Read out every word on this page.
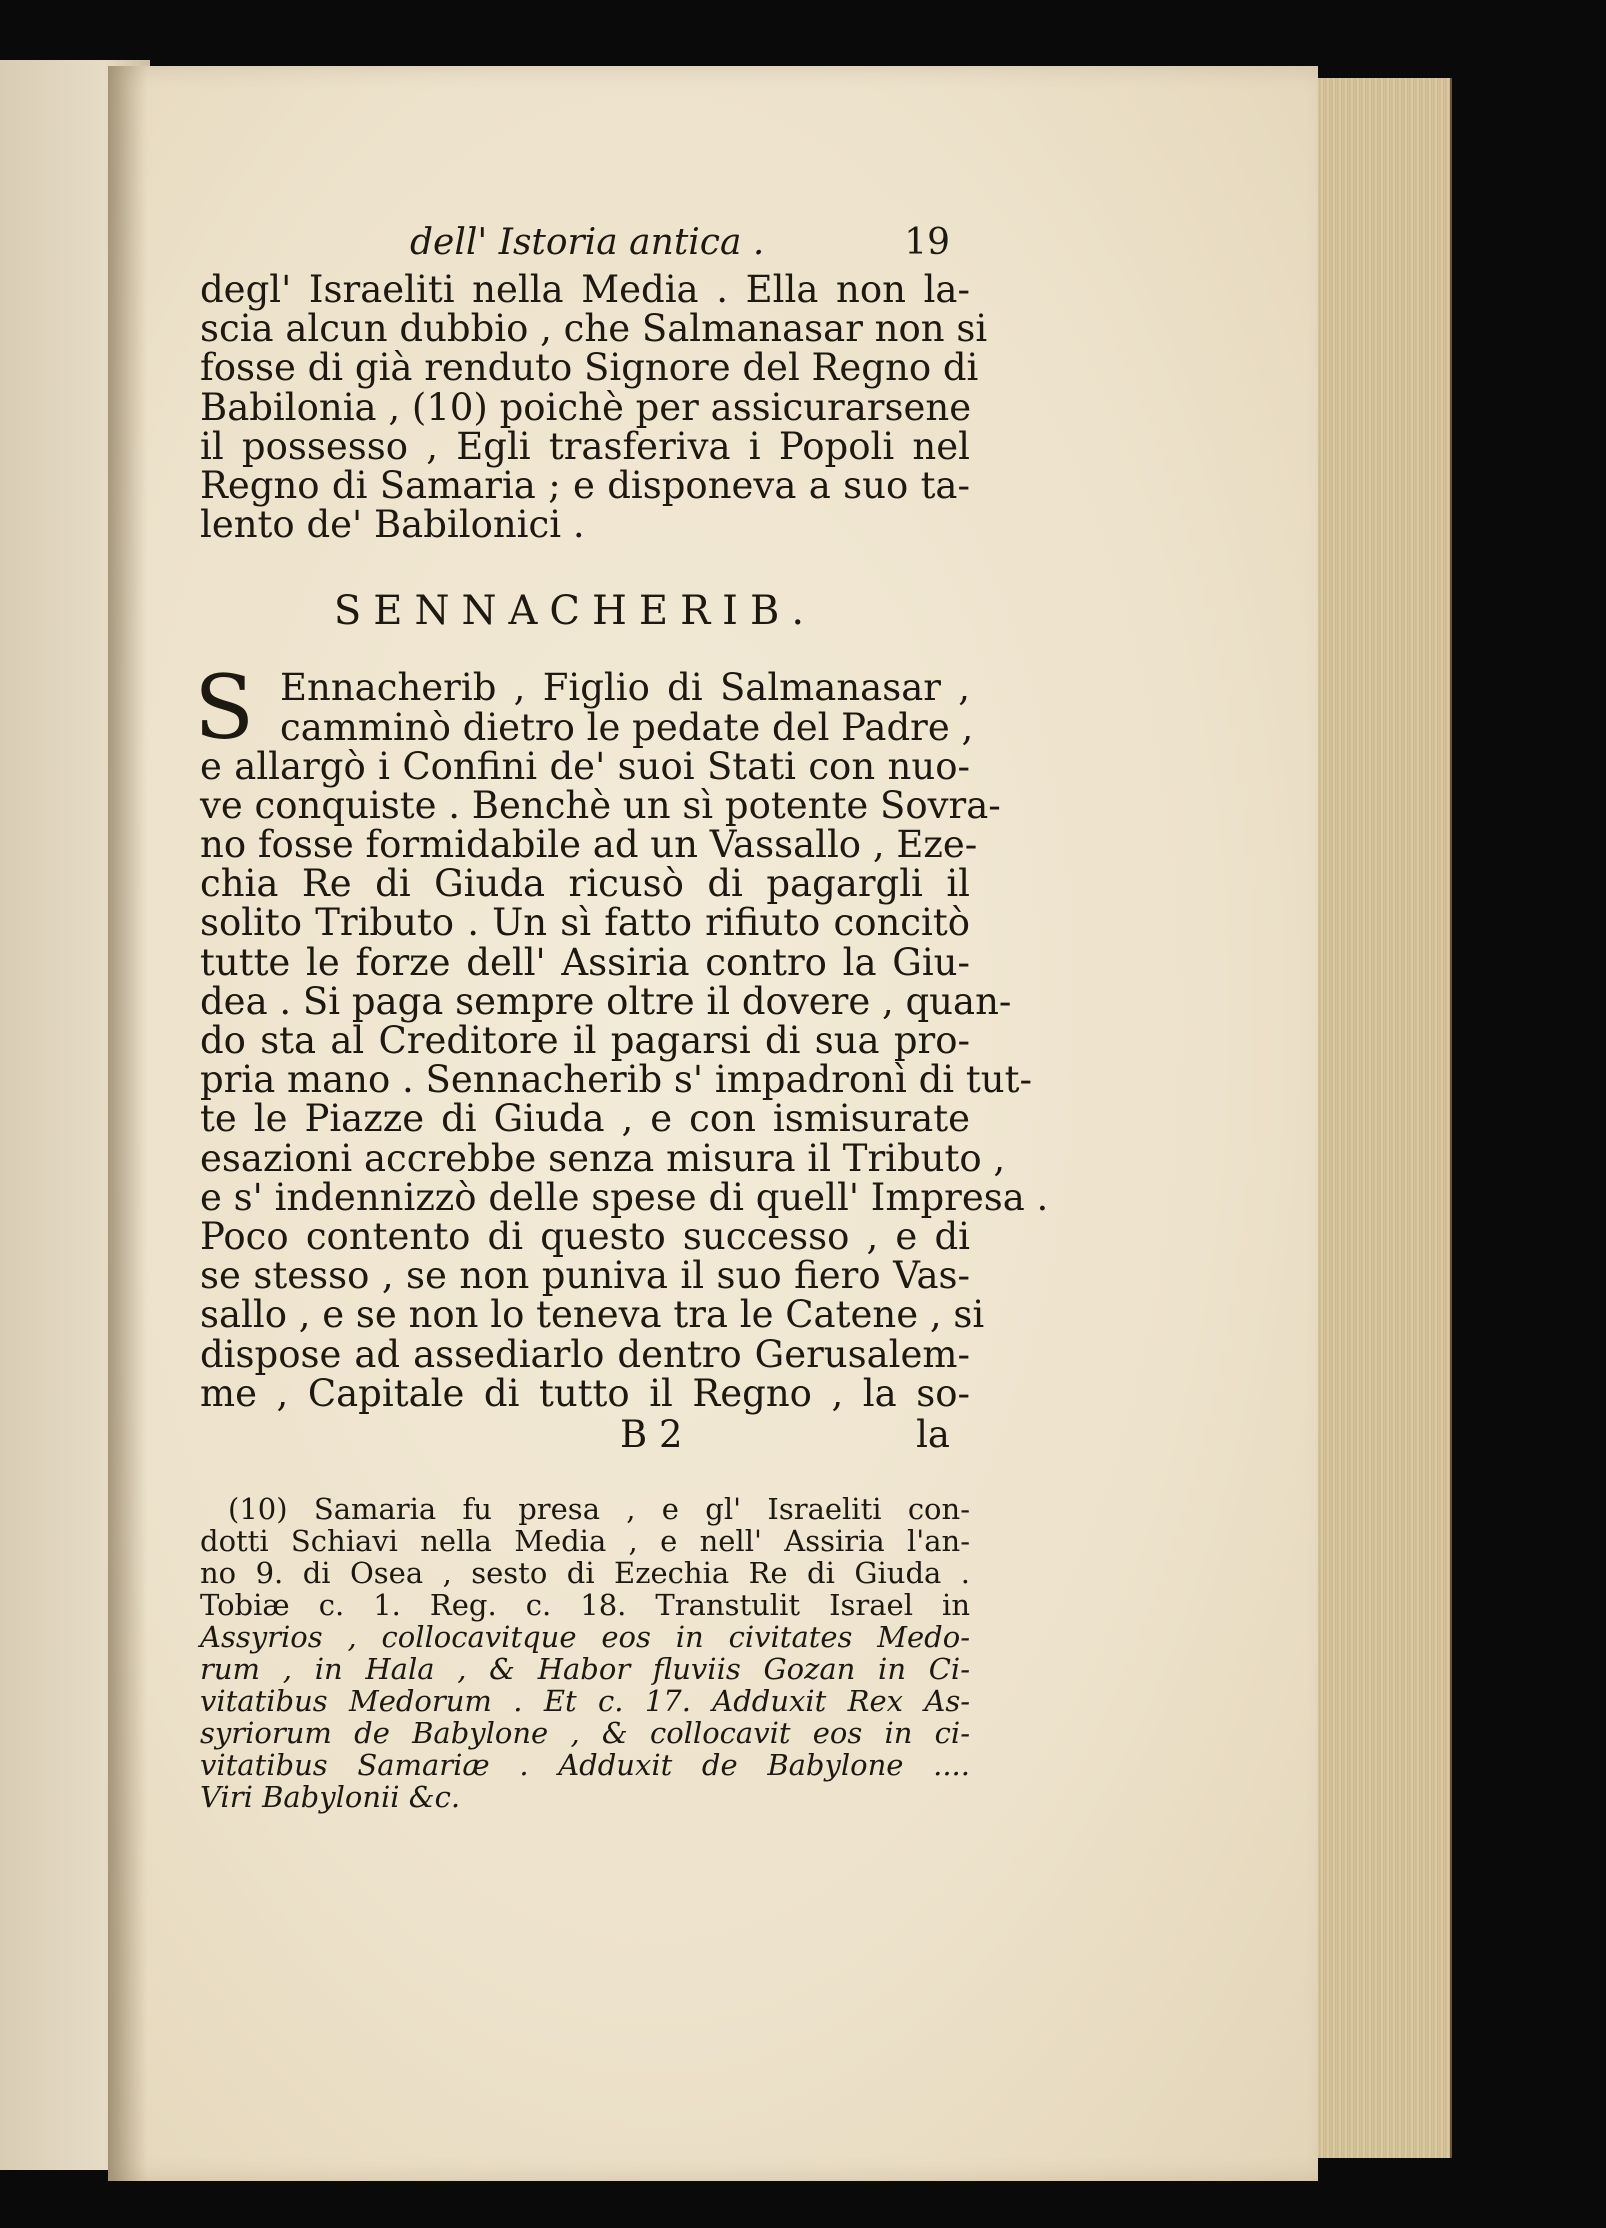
dell' Istoria antica .	19
degl' Israeliti nella Media . Ella non la-
scia alcun dubbio , che Salmanasar non si
fosse di già renduto Signore del Regno di
Babilonia , (10) poichè per assicurarsene
il possesso , Egli trasferiva i Popoli nel
Regno di Samaria ; e disponeva a suo ta-
lento de' Babilonici .
SENNACHERIB.
S Ennacherib , Figlio di Salmanasar ,
camminò dietro le pedate del Padre ,
e allargò i Confini de' suoi Stati con nuo-
ve conquiste . Benchè un sì potente Sovra-
no fosse formidabile ad un Vassallo , Eze-
chia Re di Giuda ricusò di pagargli il
solito Tributo . Un sì fatto rifiuto concitò
tutte le forze dell' Assiria contro la Giu-
dea . Si paga sempre oltre il dovere , quan-
do sta al Creditore il pagarsi di sua pro-
pria mano . Sennacherib s' impadronì di tut-
te le Piazze di Giuda , e con ismisurate
esazioni accrebbe senza misura il Tributo ,
e s' indennizzò delle spese di quell' Impresa .
Poco contento di questo successo , e di
se stesso , se non puniva il suo fiero Vas-
sallo , e se non lo teneva tra le Catene , si
dispose ad assediarlo dentro Gerusalem-
me , Capitale di tutto il Regno , la so-
B 2	la
(10) Samaria fu presa , e gl' Israeliti con-
dotti Schiavi nella Media , e nell' Assiria l'an-
no 9. di Osea , sesto di Ezechia Re di Giuda .
Tobiæ c. 1. Reg. c. 18. Transtulit Israel in
Assyrios , collocavitque eos in civitates Medo-
rum , in Hala , & Habor fluviis Gozan in Ci-
vitatibus Medorum . Et c. 17. Adduxit Rex As-
syriorum de Babylone , & collocavit eos in ci-
vitatibus Samariæ . Adduxit de Babylone ....
Viri Babylonii &c.
